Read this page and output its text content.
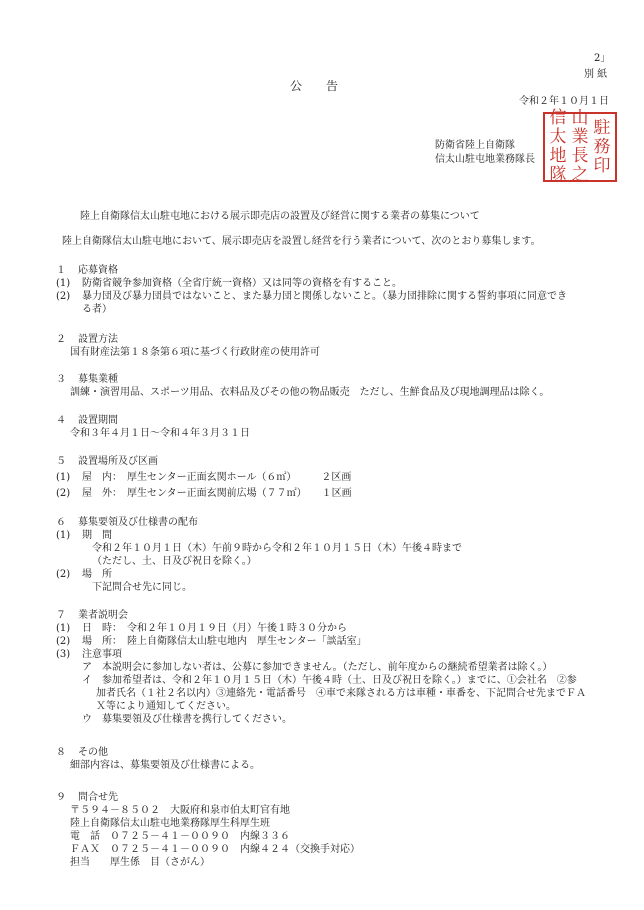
2」
別 紙
公　　告
令和２年１０月１日
防衛省陸上自衛隊
信太山駐屯地業務隊長
駐務印
山業長之
信太地隊
陸上自衛隊信太山駐屯地における展示即売店の設置及び経営に関する業者の募集について
陸上自衛隊信太山駐屯地において、展示即売店を設置し経営を行う業者について、次のとおり募集します。
１ 応募資格
(1) 防衛省競争参加資格（全省庁統一資格）又は同等の資格を有すること。
(2) 暴力団及び暴力団員ではないこと、また暴力団と関係しないこと。（暴力団排除に関する誓約事項に同意でき
る者）
２ 設置方法
国有財産法第１８条第６項に基づく行政財産の使用許可
３ 募集業種
訓練・演習用品、スポーツ用品、衣料品及びその他の物品販売　ただし、生鮮食品及び現地調理品は除く。
４ 設置期間
令和３年４月１日～令和４年３月３１日
５ 設置場所及び区画
(1) 屋　内：　厚生センター正面玄関ホール（６㎡）　　　２区画
(2) 屋　外：　厚生センター正面玄関前広場（７７㎡）　　１区画
６ 募集要領及び仕様書の配布
(1) 期　間
令和２年１０月１日（木）午前９時から令和２年１０月１５日（木）午後４時まで
（ただし、土、日及び祝日を除く。）
(2) 場　所
下記問合せ先に同じ。
７ 業者説明会
(1) 日　時：　令和２年１０月１９日（月）午後１時３０分から
(2) 場　所：　陸上自衛隊信太山駐屯地内　厚生センター「談話室」
(3) 注意事項
ア　本説明会に参加しない者は、公募に参加できません。（ただし、前年度からの継続希望業者は除く。）
イ　参加希望者は、令和２年１０月１５日（木）午後４時（土、日及び祝日を除く。）までに、①会社名　②参
加者氏名（１社２名以内）③連絡先・電話番号　④車で来隊される方は車種・車番を、下記問合せ先までＦＡ
Ｘ等により通知してください。
ウ　募集要領及び仕様書を携行してください。
８ その他
細部内容は、募集要領及び仕様書による。
９ 問合せ先
〒５９４－８５０２　大阪府和泉市伯太町官有地
陸上自衛隊信太山駐屯地業務隊厚生科厚生班
電　話　０７２５－４１－００９０　内線３３６
ＦＡＸ　０７２５－４１－００９０　内線４２４（交換手対応）
担当　　厚生係　目（さがん）
